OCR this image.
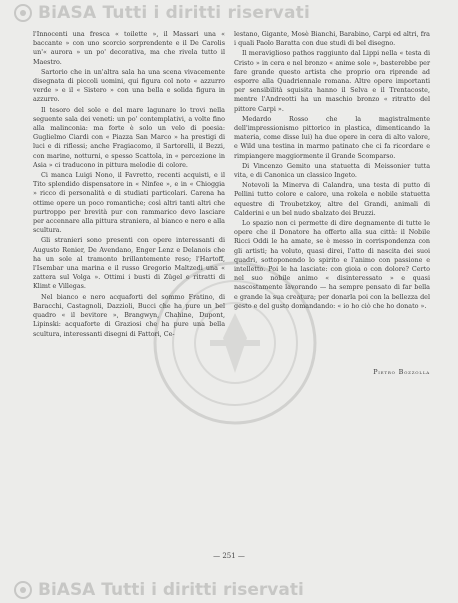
BiASA Tutti i diritti riservati

l'Innocenti una fresca « toilette », il Massari una « baccante » con uno scorcio sorprendente e il De Carolis un'« aurora » un po' decorativa, ma che rivela tutto il Maestro.

Sartorio che in un'altra sala ha una scena vivacemente disegnata di piccoli uomini, qui figura col noto « azzurro verde » e il « Sistero » con una bella e solida figura in azzurro.

Il tesoro del sole e del mare lagunare lo trovi nella seguente sala dei veneti: un po' contemplativi, a volte fino alla malinconia: ma forte è solo un velo di poesia: Guglielmo Ciardi con « Piazza San Marco » ha prestigi di luci e di riflessi; anche Fragiacomo, il Sartorelli, il Bezzi, con marine, notturni, e spesso Scattola, in « percezione in Asia » ci traducono in pittura melodie di colore.

Ci manca Luigi Nono, il Favretto, recenti acquisti, e il Tito splendido dispensatore in « Ninfee », e in « Chioggia » ricco di personalità e di studiati particolari. Carena ha ottime opere un poco romantiche; così altri tanti altri che purtroppo per brevità pur con rammarico devo lasciare per accennare alla pittura straniera, al bianco e nero e alla scultura.

Gli stranieri sono presenti con opere interessanti di Augusto Renier, De Avendano, Enger Lenz e Delanois che ha un sole al tramonto brillantemente reso; l'Hartoff, l'Isembar una marina e il russo Gregorio Maltzedi una « zattera sul Volga ». Ottimi i busti di Zügel e ritratti di Klimt e Villegas.

Nel bianco e nero acquaforti del sommo Fratino, di Baracchi, Castagnoli, Dazzioli, Bucci che ha pure un bel quadro « il bevitore », Brangwyn, Chahine, Dupont, Lipinski: acquaforte di Graziosi che ha pure una bella scultura, interessanti disegni di Fattori, Ce-

lestano, Gigante, Mosè Bianchi, Barabino, Carpi ed altri, fra i quali Paolo Baratta con due studi di bel disegno.

Il meraviglioso pathos raggiunto dal Lippi nella « testa di Cristo » in cera e nel bronzo « anime sole », basterebbe per fare grande questo artista che proprio ora riprende ad esporre alla Quadriennale romana. Altre opere importanti per sensibilità squisita hanno il Selva e il Trentacoste, mentre l'Andreotti ha un maschio bronzo « ritratto del pittore Carpi ».

Medardo Rosso che la magistralmente dell'impressionismo pittorico in plastica, dimenticando la materia, come disse lui) ha due opere in cera di alto valore, e Wild una testina in marmo patinato che ci fa ricordare e rimpiangere maggiormente il Grande Scomparso.

Di Vincenzo Gemito una statuetta di Meissonier tutta vita, e di Canonica un classico Ingeto.

Notevoli la Minerva di Calandra, una testa di putto di Pellini tutto colore e calore, una rokela e nobile statuetta equestre di Troubetzkoy, altre del Grandi, animali di Calderini e un bel nudo sbalzato dei Bruzzi.

Lo spazio non ci permette di dire degnamente di tutte le opere che il Donatore ha offerto alla sua città: il Nobile Ricci Oddi le ha amate, se è messo in corrispondenza con gli artisti; ha voluto, quasi direi, l'atto di nascita dei suoi quadri, sottoponendo lo spirito e l'animo con passione e intelletto. Poi le ha lasciate: con gioia o con dolore? Certo nel suo nobile animo « disinteressato » e quasi nascostamente lavorando — ha sempre pensato di far bella e grande la sua creatura; per donarla poi con la bellezza del gesto e del gusto domandando: « io ho ciò che ho donato ».

Pietro Bozzolla
— 251 —
BiASA Tutti i diritti riservati
